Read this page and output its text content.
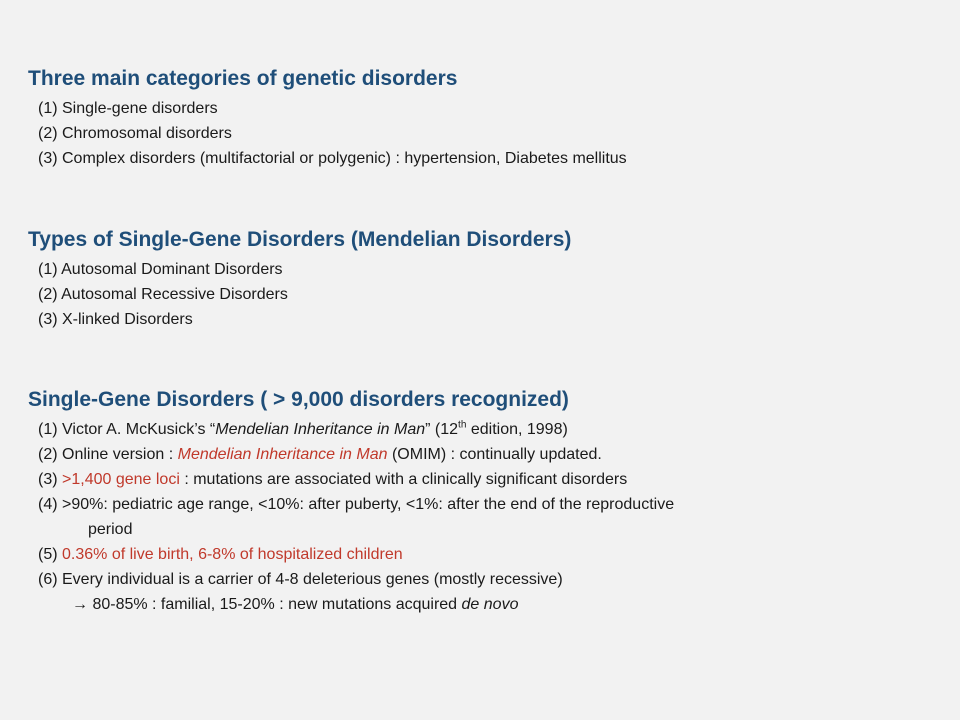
Three main categories of genetic disorders
(1) Single-gene disorders
(2) Chromosomal disorders
(3) Complex disorders (multifactorial or polygenic) : hypertension, Diabetes mellitus
Types of Single-Gene Disorders (Mendelian Disorders)
(1) Autosomal Dominant Disorders
(2) Autosomal Recessive Disorders
(3) X-linked Disorders
Single-Gene Disorders ( > 9,000 disorders recognized)
(1) Victor A. McKusick’s “Mendelian Inheritance in Man” (12th edition, 1998)
(2) Online version : Mendelian Inheritance in Man (OMIM) : continually updated.
(3) >1,400 gene loci : mutations are associated with a clinically significant disorders
(4) >90%: pediatric age range, <10%: after puberty, <1%: after the end of the reproductive
period
(5) 0.36% of live birth, 6-8% of hospitalized children
(6) Every individual is a carrier of 4-8 deleterious genes (mostly recessive)
→ 80-85% : familial, 15-20% : new mutations acquired de novo
